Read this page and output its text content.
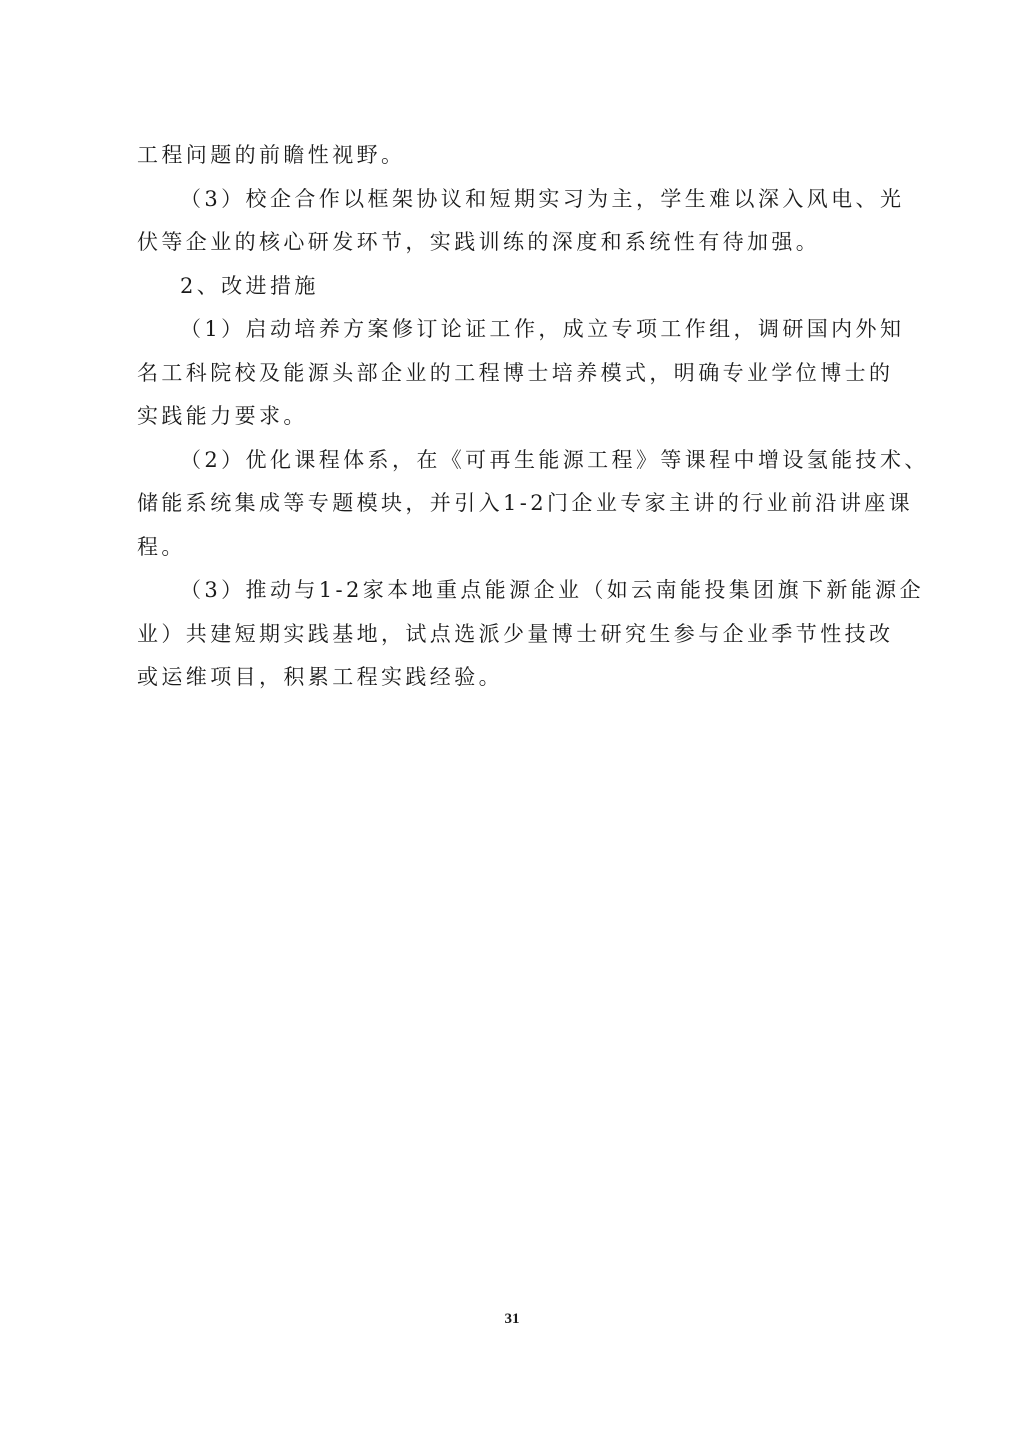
工程问题的前瞻性视野。
（3）校企合作以框架协议和短期实习为主，学生难以深入风电、光
伏等企业的核心研发环节，实践训练的深度和系统性有待加强。
2、改进措施
（1）启动培养方案修订论证工作，成立专项工作组，调研国内外知
名工科院校及能源头部企业的工程博士培养模式，明确专业学位博士的
实践能力要求。
（2）优化课程体系，在《可再生能源工程》等课程中增设氢能技术、
储能系统集成等专题模块，并引入1-2门企业专家主讲的行业前沿讲座课
程。
（3）推动与1-2家本地重点能源企业（如云南能投集团旗下新能源企
业）共建短期实践基地，试点选派少量博士研究生参与企业季节性技改
或运维项目，积累工程实践经验。
31
